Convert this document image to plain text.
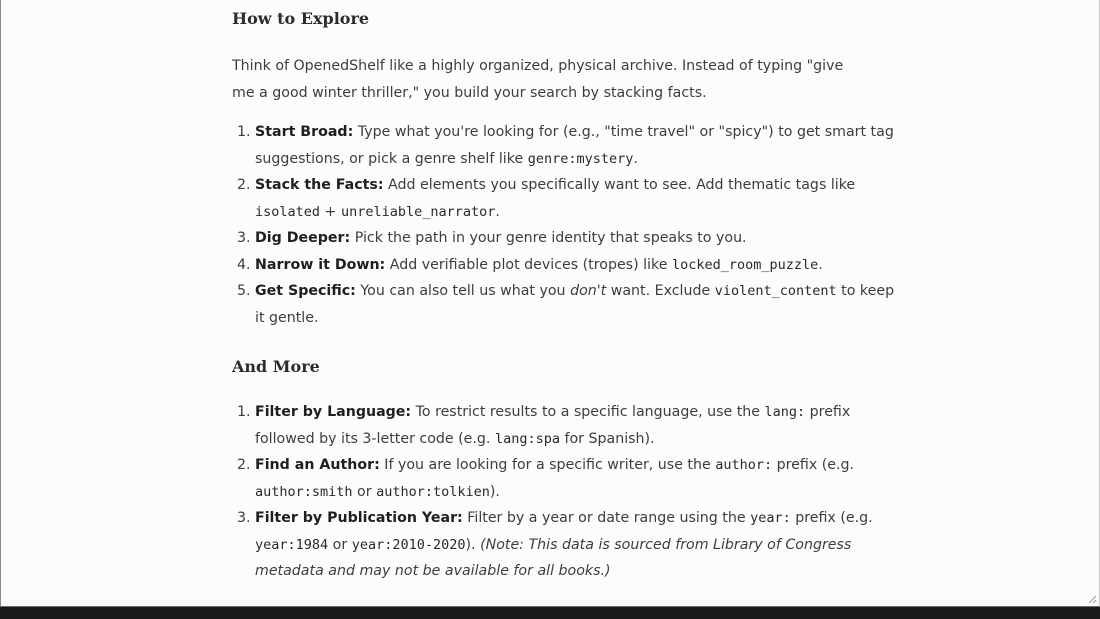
How to Explore

Think of OpenedShelf like a highly organized, physical archive. Instead of typing "give me a good winter thriller," you build your search by stacking facts.

1. Start Broad: Type what you're looking for (e.g., "time travel" or "spicy") to get smart tag suggestions, or pick a genre shelf like genre:mystery.
2. Stack the Facts: Add elements you specifically want to see. Add thematic tags like isolated + unreliable_narrator.
3. Dig Deeper: Pick the path in your genre identity that speaks to you.
4. Narrow it Down: Add verifiable plot devices (tropes) like locked_room_puzzle.
5. Get Specific: You can also tell us what you don't want. Exclude violent_content to keep it gentle.
And More
1. Filter by Language: To restrict results to a specific language, use the lang: prefix followed by its 3-letter code (e.g. lang:spa for Spanish).
2. Find an Author: If you are looking for a specific writer, use the author: prefix (e.g. author:smith or author:tolkien).
3. Filter by Publication Year: Filter by a year or date range using the year: prefix (e.g. year:1984 or year:2010-2020). (Note: This data is sourced from Library of Congress metadata and may not be available for all books.)
